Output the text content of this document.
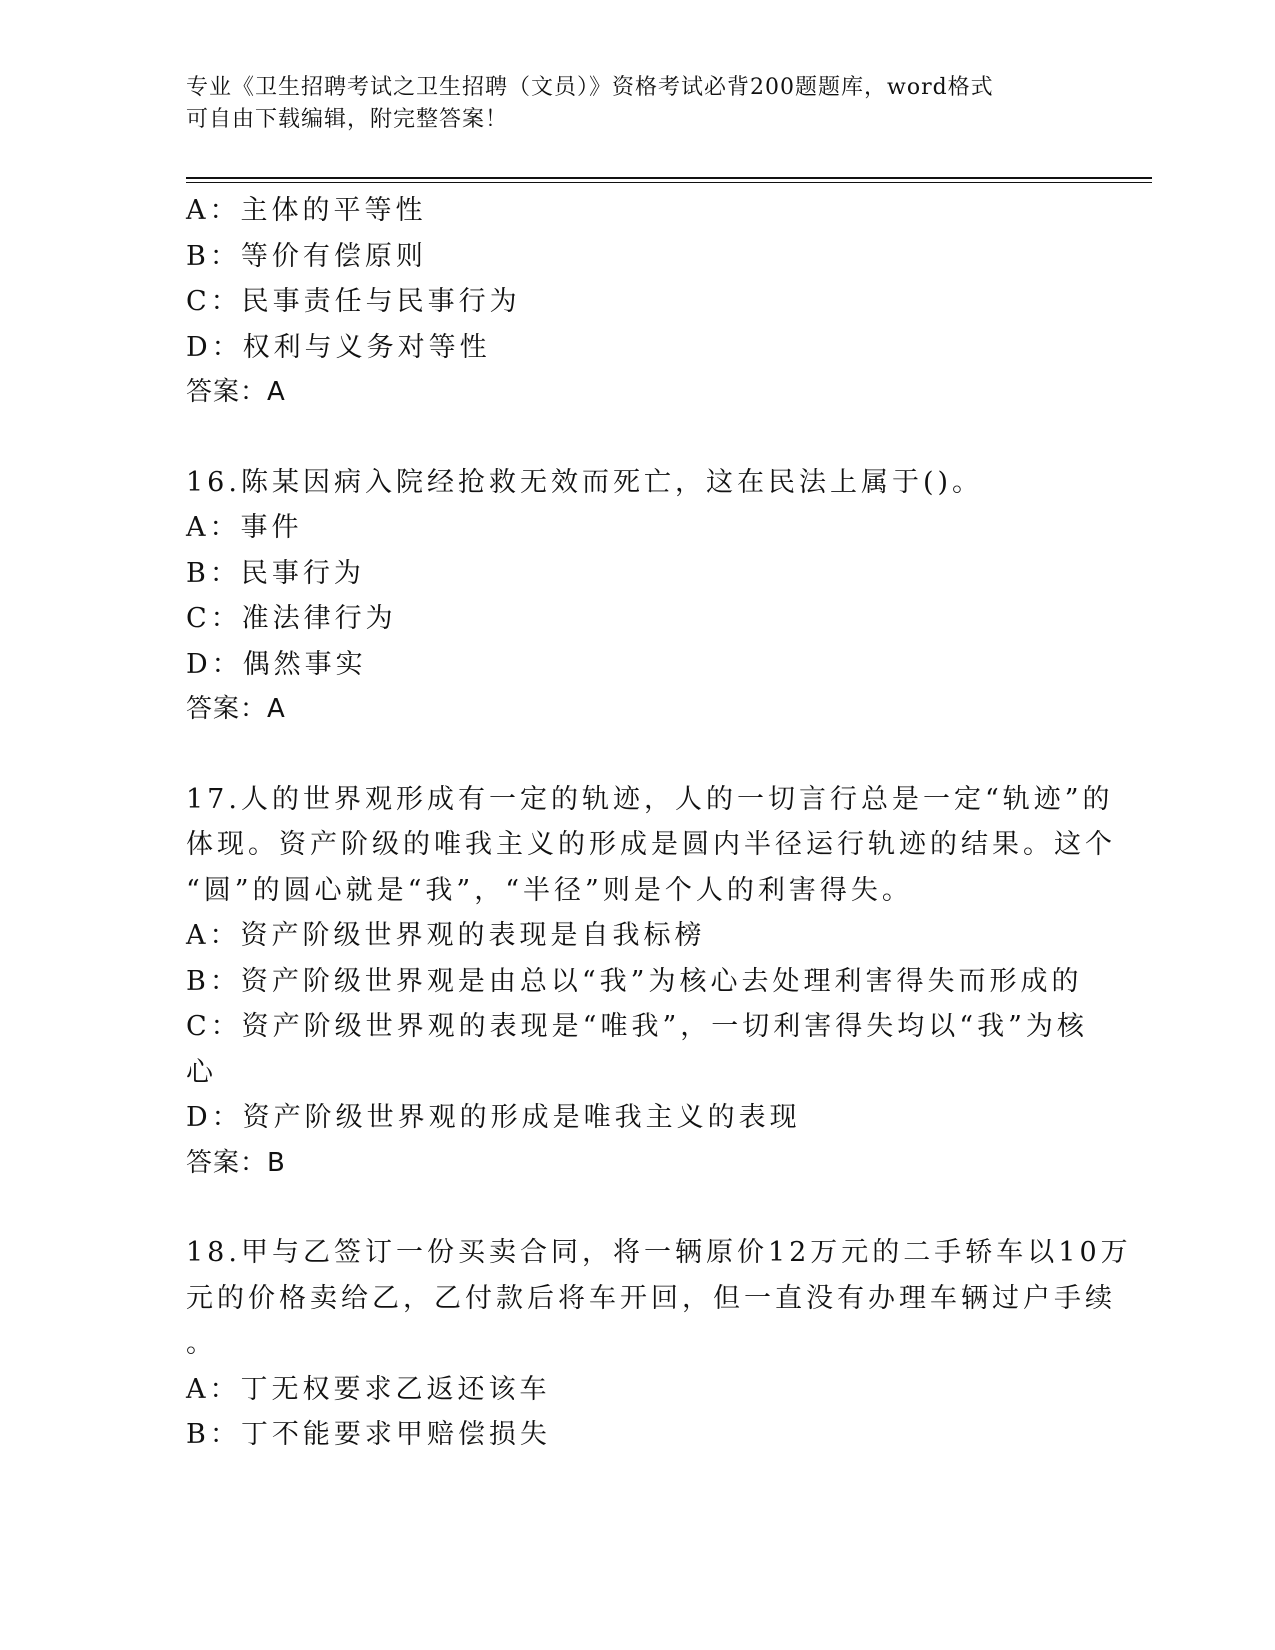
专业《卫生招聘考试之卫生招聘（文员）》资格考试必背200题题库，word格式
可自由下载编辑，附完整答案！
A：主体的平等性
B：等价有偿原则
C：民事责任与民事行为
D：权利与义务对等性
答案：A
16.陈某因病入院经抢救无效而死亡，这在民法上属于()。
A：事件
B：民事行为
C：准法律行为
D：偶然事实
答案：A
17.人的世界观形成有一定的轨迹，人的一切言行总是一定“轨迹”的
体现。资产阶级的唯我主义的形成是圆内半径运行轨迹的结果。这个
“圆”的圆心就是“我”，“半径”则是个人的利害得失。
A：资产阶级世界观的表现是自我标榜
B：资产阶级世界观是由总以“我”为核心去处理利害得失而形成的
C：资产阶级世界观的表现是“唯我”，一切利害得失均以“我”为核
心
D：资产阶级世界观的形成是唯我主义的表现
答案：B
18.甲与乙签订一份买卖合同，将一辆原价12万元的二手轿车以10万
元的价格卖给乙，乙付款后将车开回，但一直没有办理车辆过户手续
。
A：丁无权要求乙返还该车
B：丁不能要求甲赔偿损失
